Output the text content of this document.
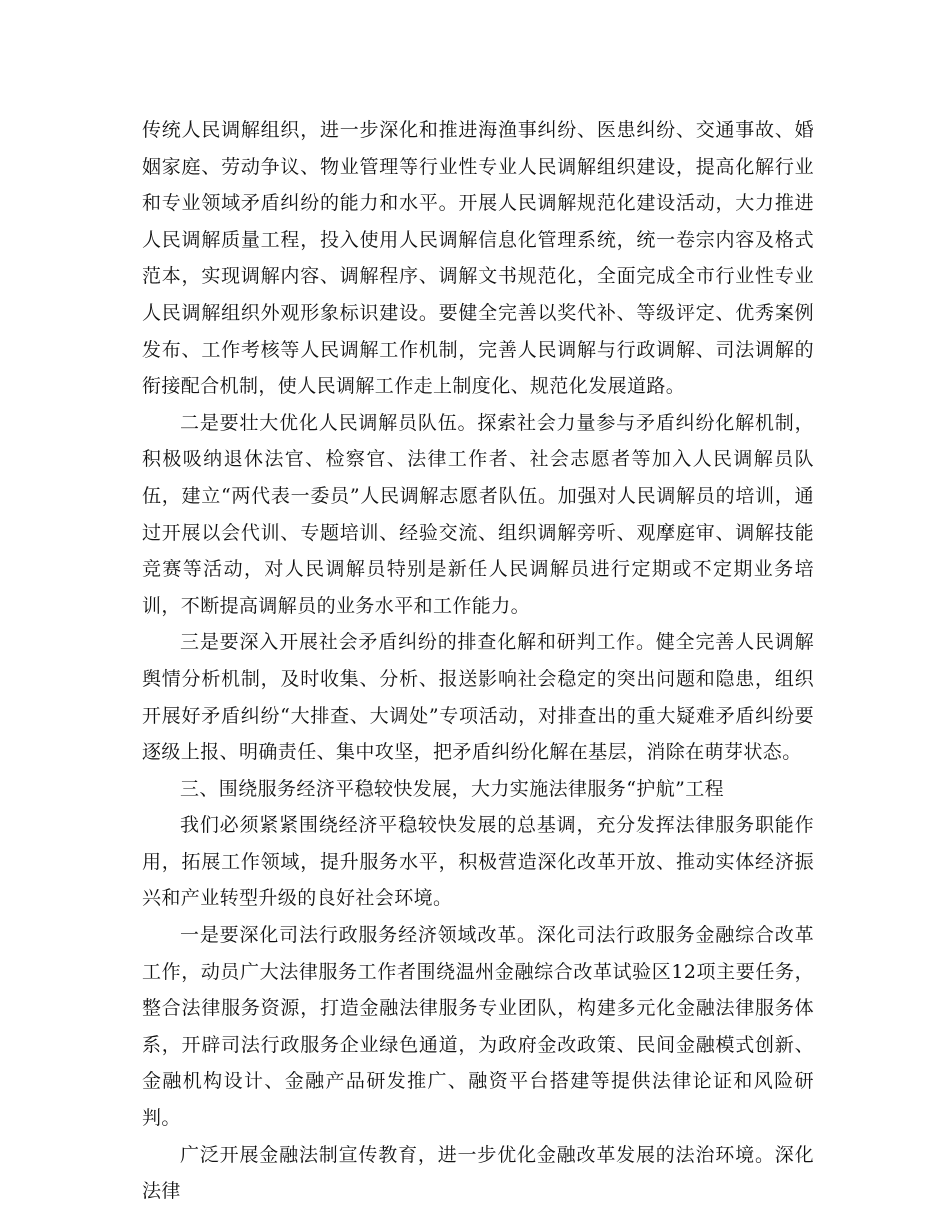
传统人民调解组织，进一步深化和推进海渔事纠纷、医患纠纷、交通事故、婚姻家庭、劳动争议、物业管理等行业性专业人民调解组织建设，提高化解行业和专业领域矛盾纠纷的能力和水平。开展人民调解规范化建设活动，大力推进人民调解质量工程，投入使用人民调解信息化管理系统，统一卷宗内容及格式范本，实现调解内容、调解程序、调解文书规范化，全面完成全市行业性专业人民调解组织外观形象标识建设。要健全完善以奖代补、等级评定、优秀案例发布、工作考核等人民调解工作机制，完善人民调解与行政调解、司法调解的衔接配合机制，使人民调解工作走上制度化、规范化发展道路。

二是要壮大优化人民调解员队伍。探索社会力量参与矛盾纠纷化解机制，积极吸纳退休法官、检察官、法律工作者、社会志愿者等加入人民调解员队伍，建立“两代表一委员”人民调解志愿者队伍。加强对人民调解员的培训，通过开展以会代训、专题培训、经验交流、组织调解旁听、观摩庭审、调解技能竞赛等活动，对人民调解员特别是新任人民调解员进行定期或不定期业务培训，不断提高调解员的业务水平和工作能力。

三是要深入开展社会矛盾纠纷的排查化解和研判工作。健全完善人民调解舆情分析机制，及时收集、分析、报送影响社会稳定的突出问题和隐患，组织开展好矛盾纠纷“大排查、大调处”专项活动，对排查出的重大疑难矛盾纠纷要逐级上报、明确责任、集中攻坚，把矛盾纠纷化解在基层，消除在萌芽状态。

三、围绕服务经济平稳较快发展，大力实施法律服务“护航”工程

我们必须紧紧围绕经济平稳较快发展的总基调，充分发挥法律服务职能作用，拓展工作领域，提升服务水平，积极营造深化改革开放、推动实体经济振兴和产业转型升级的良好社会环境。

一是要深化司法行政服务经济领域改革。深化司法行政服务金融综合改革工作，动员广大法律服务工作者围绕温州金融综合改革试验区12项主要任务，整合法律服务资源，打造金融法律服务专业团队，构建多元化金融法律服务体系，开辟司法行政服务企业绿色通道，为政府金改政策、民间金融模式创新、金融机构设计、金融产品研发推广、融资平台搭建等提供法律论证和风险研判。

广泛开展金融法制宣传教育，进一步优化金融改革发展的法治环境。深化法律
